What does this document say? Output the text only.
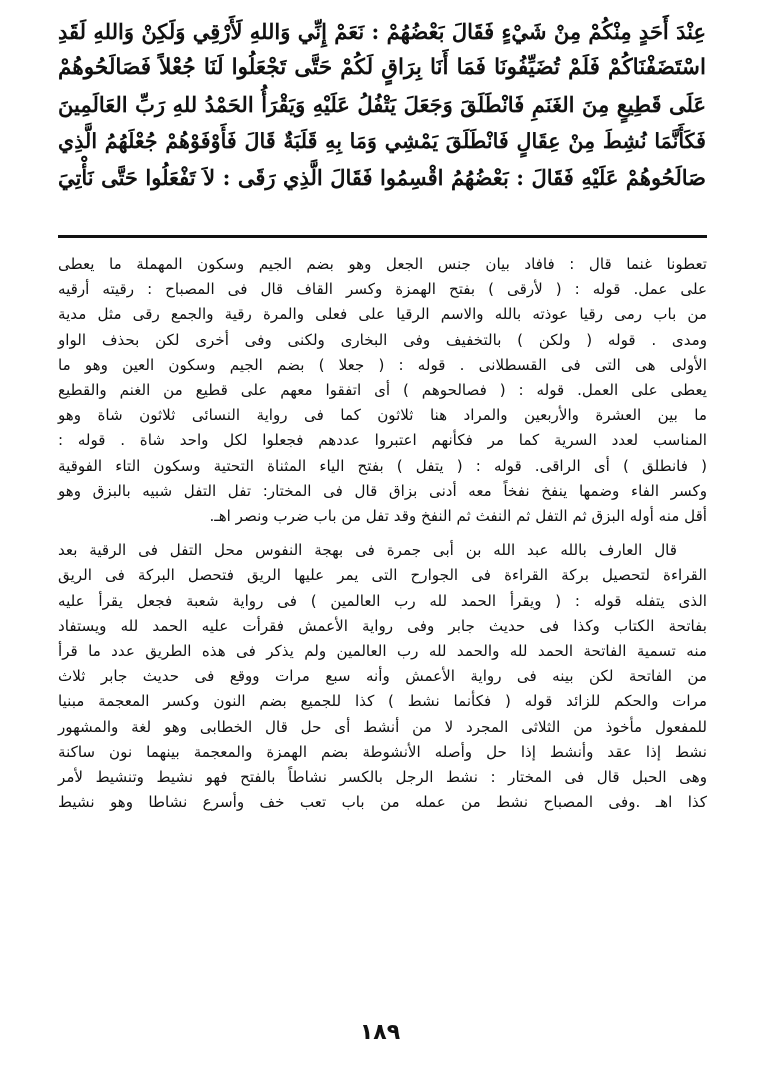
عِنْدَ أَحَدٍ مِنْكُمْ مِنْ شَيْءٍ فَقَالَ بَعْضُهُمْ : نَعَمْ إِنِّي وَاللهِ لَأَرْقِي وَلَكِنْ وَاللهِ لَقَدِ
اسْتَضَفْنَاكُمْ فَلَمْ تُضَيِّفُونَا فَمَا أَنَا بِرَاقٍ لَكُمْ حَتَّى تَجْعَلُوا لَنَا جُعْلاً فَصَالَحُوهُمْ
عَلَى قَطِيعٍ مِنَ الغَنَمِ فَانْطَلَقَ وَجَعَلَ يَتْفُلُ عَلَيْهِ وَيَقْرَأُ الحَمْدُ للهِ رَبِّ العَالَمِينَ
فَكَأَنَّمَا نُشِطَ مِنْ عِقَالٍ فَانْطَلَقَ يَمْشِي وَمَا بِهِ قَلَبَةٌ قَالَ فَأَوْفَوْهُمْ جُعْلَهُمُ الَّذِي
صَالَحُوهُمْ عَلَيْهِ فَقَالَ : بَعْضُهُمُ اقْسِمُوا فَقَالَ الَّذِي رَقَى : لاَ تَفْعَلُوا حَتَّى نَأْتِيَ
تعطونا غنما قال : فافاد بيان جنس الجعل وهو بضم الجيم وسكون المهملة ما يعطى
على عمل. قوله : ( لأرقى ) بفتح الهمزة وكسر القاف قال فى المصباح : رقيته أرقيه
من باب رمى رقيا عوذته بالله والاسم الرقيا على فعلى والمرة رقية والجمع رقى مثل مدية
ومدى . قوله ( ولكن ) بالتخفيف وفى البخارى ولكنى وفى أخرى لكن بحذف الواو
الأولى هى التى فى القسطلانى . قوله : ( جعلا ) بضم الجيم وسكون العين وهو ما
يعطى على العمل. قوله : ( فصالحوهم ) أى اتفقوا معهم على قطيع من الغنم والقطيع
ما بين العشرة والأربعين والمراد هنا ثلاثون كما فى رواية النسائى ثلاثون شاة وهو
المناسب لعدد السرية كما مر فكأنهم اعتبروا عددهم فجعلوا لكل واحد شاة . قوله :
( فانطلق ) أى الراقى. قوله : ( يتفل ) بفتح الياء المثناة التحتية وسكون التاء الفوقية
وكسر الفاء وضمها ينفخ نفخاً معه أدنى بزاق قال فى المختار: تفل التفل شبيه بالبزق وهو
أقل منه أوله البزق ثم التفل ثم النفث ثم النفخ وقد تفل من باب ضرب ونصر اهـ.
قال العارف بالله عبد الله بن أبى جمرة فى بهجة النفوس محل التفل فى الرقية بعد
القراءة لتحصيل بركة القراءة فى الجوارح التى يمر عليها الريق فتحصل البركة فى الريق
الذى يتفله قوله : ( ويقرأ الحمد لله رب العالمين ) فى رواية شعبة فجعل يقرأ عليه
بفاتحة الكتاب وكذا فى حديث جابر وفى رواية الأعمش فقرأت عليه الحمد لله ويستفاد
منه تسمية الفاتحة الحمد لله والحمد لله رب العالمين ولم يذكر فى هذه الطريق عدد ما قرأ
من الفاتحة لكن بينه فى رواية الأعمش وأنه سبع مرات ووقع فى حديث جابر ثلاث
مرات والحكم للزائد قوله ( فكأنما نشط ) كذا للجميع بضم النون وكسر المعجمة مبنيا
للمفعول مأخوذ من الثلاثى المجرد لا من أنشط أى حل قال الخطابى وهو لغة والمشهور
نشط إذا عقد وأنشط إذا حل وأصله الأنشوطة بضم الهمزة والمعجمة بينهما نون ساكنة
وهى الحبل قال فى المختار : نشط الرجل بالكسر نشاطاً بالفتح فهو نشيط وتنشيط لأمر
كذا اهـ .وفى المصباح نشط من عمله من باب تعب خف وأسرع نشاطا وهو نشيط
١٨٩
